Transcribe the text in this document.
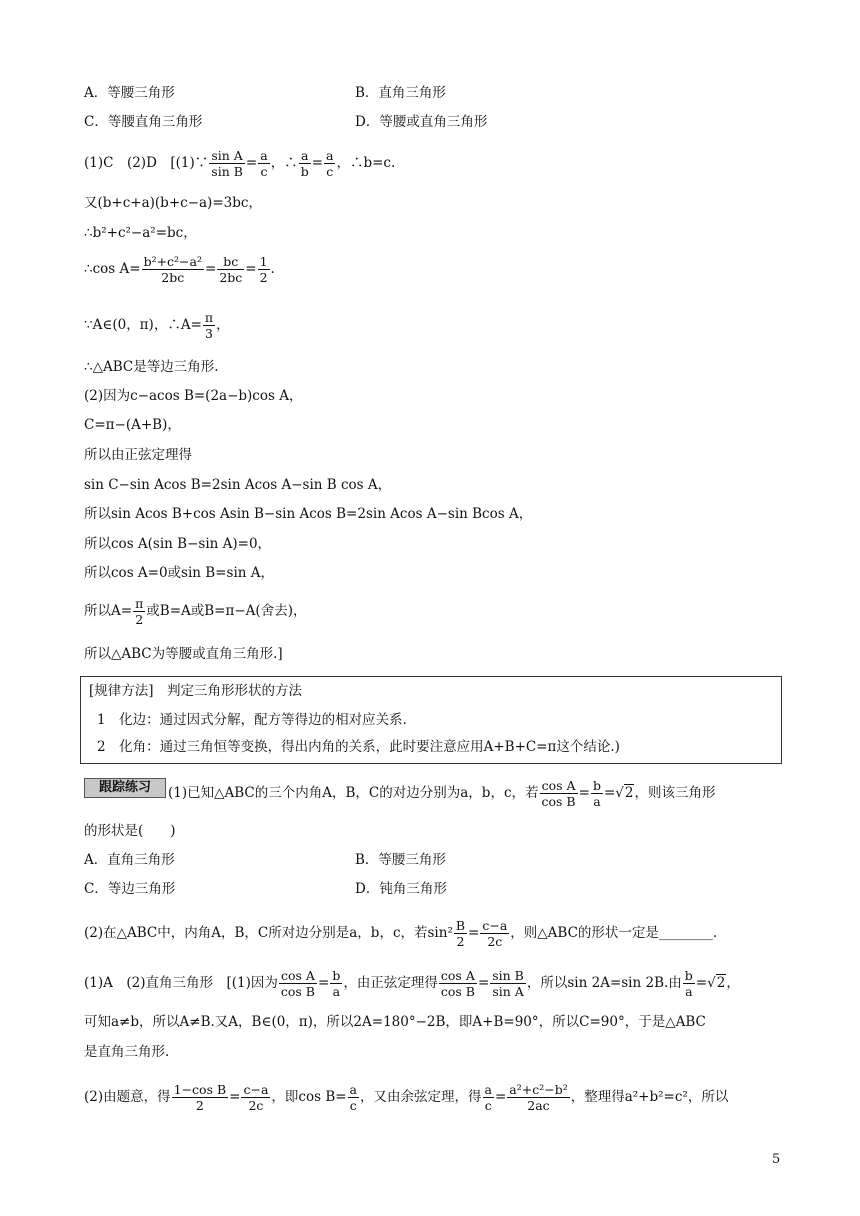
A．等腰三角形	B．直角三角形
C．等腰直角三角形	D．等腰或直角三角形
(1)C　(2)D　[(1)∵ $\frac{\text{sin A}}{\text{sin B}} = \frac{a}{c}$ ，∴ $\frac{a}{b} = \frac{a}{c}$ ，∴b=c.
又(b+c+a)(b+c−a)=3bc，
∴b²+c²−a²=bc，
∴cos $A= \frac{\text{b²+c²−a²}}{2bc} = \frac{bc}{2bc} = \frac{1}{2}$ .
∵A∈(0，π)，∴A= $\frac{\pi}{3}$ ，
∴△ABC是等边三角形.
(2)因为c−acos B=(2a−b)cos A，
C=π−(A+B)，
所以由正弦定理得
sin C−sin Acos B=2sin Acos A−sin B cos A，
所以sin Acos B+cos Asin B−sin Acos B=2sin Acos A−sin Bcos A，
所以cos A(sin B−sin A)=0，
所以cos A=0或sin B=sin A，
所以$A= \frac{\pi}{2}$ 或B=A或B=π−A(舍去)，
所以△ABC为等腰或直角三角形.]
[规律方法]　判定三角形形状的方法
1　化边：通过因式分解，配方等得边的相对应关系.
2　化角：通过三角恒等变换，得出内角的关系，此时要注意应用A+B+C=π这个结论.)
跟踪练习	(1)已知△ABC的三个内角A，B，C的对边分别为a，b，c，若 $\frac{\text{cos A}}{\text{cos B}} = \frac{b}{a} =√2$，则该三角形
的形状是(　　)
A．直角三角形	B．等腰三角形
C．等边三角形	D．钝角三角形
(2)在△ABC中，内角A，B，C所对边分别是a，b，c，若$\sin^2 \frac{B}{2} = \frac{c-a}{2c}$ ，则△ABC的形状一定是________.
(1)A　(2)直角三角形　[(1)因为 $\frac{\text{cos A}}{\text{cos B}} = \frac{b}{a}$ ，由正弦定理得 $\frac{\text{cos A}}{\text{cos B}} = \frac{\text{sin B}}{\text{sin A}}$ ，所以sin 2A=sin 2B.由 $\frac{b}{a} =√2$，
可知a≠b，所以A≠B.又A，B∈(0，π)，所以2A=180°−2B，即A+B=90°，所以C=90°，于是△ABC
是直角三角形.
(2)由题意，得 $\frac{\text{1−cos B}}{2} = \frac{c-a}{2c}$ ，即$\cos B= \frac{a}{c}$ ，又由余弦定理，得 $\frac{a}{c} = \frac{\text{a²+c²−b²}}{2ac}$ ，整理得a²+b²=c²，所以
5
